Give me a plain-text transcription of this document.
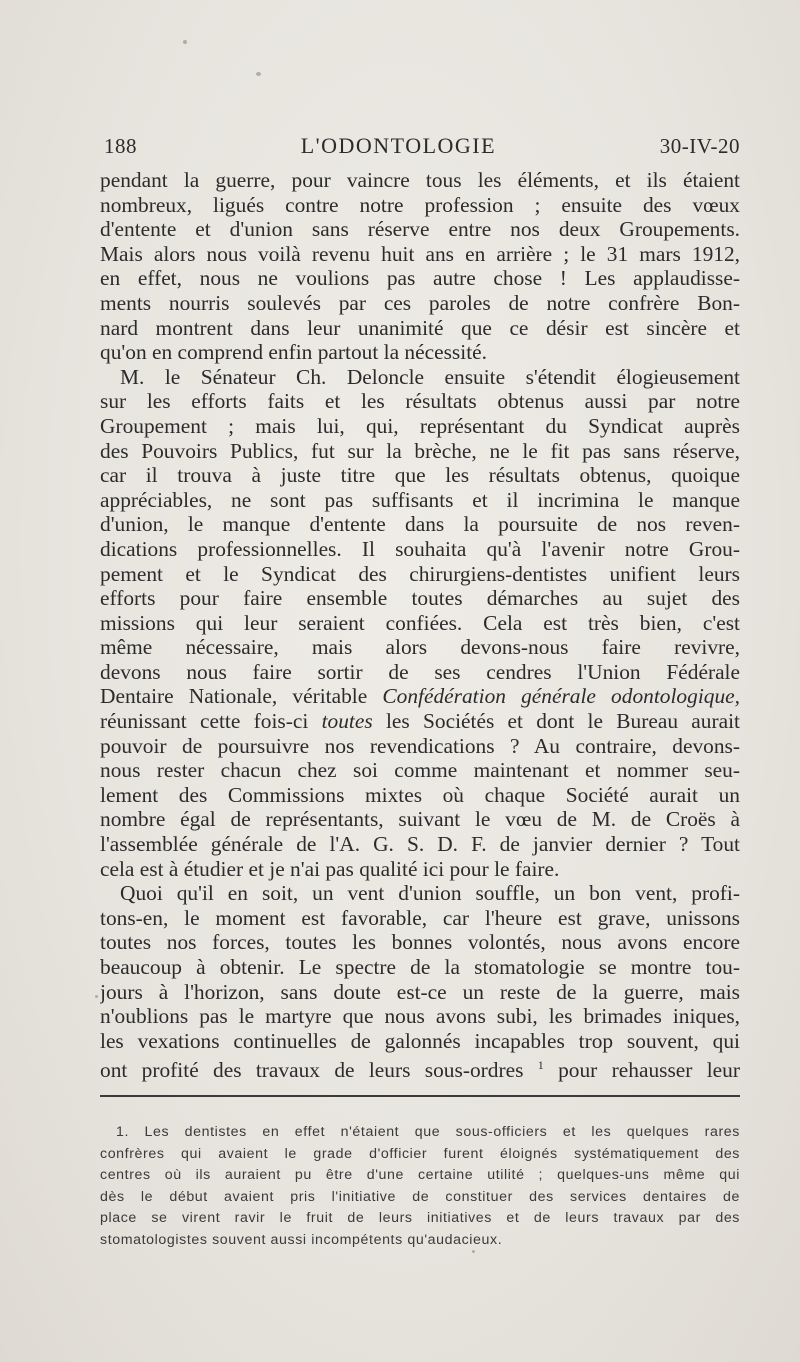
188	L'ODONTOLOGIE	30-IV-20

pendant la guerre, pour vaincre tous les éléments, et ils étaient
nombreux, ligués contre notre profession ; ensuite des vœux
d'entente et d'union sans réserve entre nos deux Groupements.
Mais alors nous voilà revenu huit ans en arrière ; le 31 mars 1912,
en effet, nous ne voulions pas autre chose ! Les applaudisse-
ments nourris soulevés par ces paroles de notre confrère Bon-
nard montrent dans leur unanimité que ce désir est sincère et
qu'on en comprend enfin partout la nécessité.

M. le Sénateur Ch. Deloncle ensuite s'étendit élogieusement
sur les efforts faits et les résultats obtenus aussi par notre
Groupement ; mais lui, qui, représentant du Syndicat auprès
des Pouvoirs Publics, fut sur la brèche, ne le fit pas sans réserve,
car il trouva à juste titre que les résultats obtenus, quoique
appréciables, ne sont pas suffisants et il incrimina le manque
d'union, le manque d'entente dans la poursuite de nos reven-
dications professionnelles. Il souhaita qu'à l'avenir notre Grou-
pement et le Syndicat des chirurgiens-dentistes unifient leurs
efforts pour faire ensemble toutes démarches au sujet des
missions qui leur seraient confiées. Cela est très bien, c'est
même nécessaire, mais alors devons-nous faire revivre,
devons nous faire sortir de ses cendres l'Union Fédérale
Dentaire Nationale, véritable Confédération générale odontologique,
réunissant cette fois-ci toutes les Sociétés et dont le Bureau aurait
pouvoir de poursuivre nos revendications ? Au contraire, devons-
nous rester chacun chez soi comme maintenant et nommer seu-
lement des Commissions mixtes où chaque Société aurait un
nombre égal de représentants, suivant le vœu de M. de Croës à
l'assemblée générale de l'A. G. S. D. F. de janvier dernier ? Tout
cela est à étudier et je n'ai pas qualité ici pour le faire.

Quoi qu'il en soit, un vent d'union souffle, un bon vent, profi-
tons-en, le moment est favorable, car l'heure est grave, unissons
toutes nos forces, toutes les bonnes volontés, nous avons encore
beaucoup à obtenir. Le spectre de la stomatologie se montre tou-
jours à l'horizon, sans doute est-ce un reste de la guerre, mais
n'oublions pas le martyre que nous avons subi, les brimades iniques,
les vexations continuelles de galonnés incapables trop souvent, qui
ont profité des travaux de leurs sous-ordres $^1$ pour rehausser leur

1. Les dentistes en effet n'étaient que sous-officiers et les quelques rares
confrères qui avaient le grade d'officier furent éloignés systématiquement des
centres où ils auraient pu être d'une certaine utilité ; quelques-uns même qui
dès le début avaient pris l'initiative de constituer des services dentaires de
place se virent ravir le fruit de leurs initiatives et de leurs travaux par des
stomatologistes souvent aussi incompétents qu'audacieux.
